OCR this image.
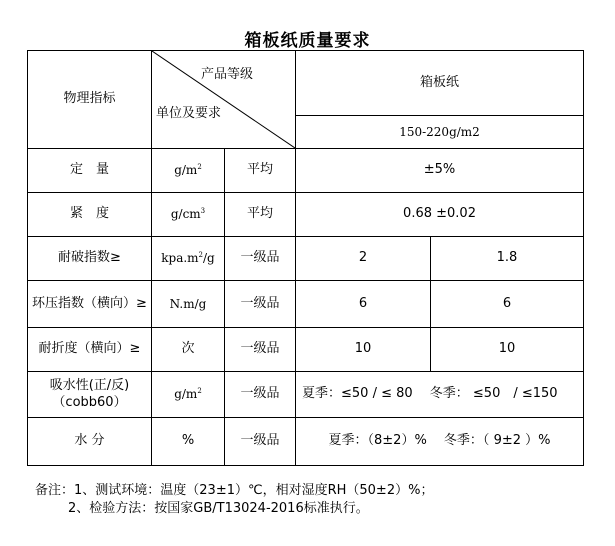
箱板纸质量要求
物理指标	产品等级
单位及要求		箱板纸	
			150-220g/m2	
定　量	$g/m^2$	平均	±5%	
紧　度	$g/cm^3$	平均	0.68 ±0.02	
耐破指数≥	$kpa.m^2/g$	一级品	2	1.8
环压指数（横向）≥	N.m/g	一级品	6	6
耐折度（横向）≥	次	一级品	10	10
吸水性(正/反)（cobb60）	$g/m^2$	一级品	夏季：≤50 / ≤ 80　 冬季： ≤50　/ ≤150	
水 分	%	一级品	夏季：（8±2）%　 冬季：（ 9±2 ）%	
备注：1、测试环境：温度（23±1）℃，相对湿度RH（50±2）%；
2、检验方法：按国家GB/T13024-2016标准执行。
